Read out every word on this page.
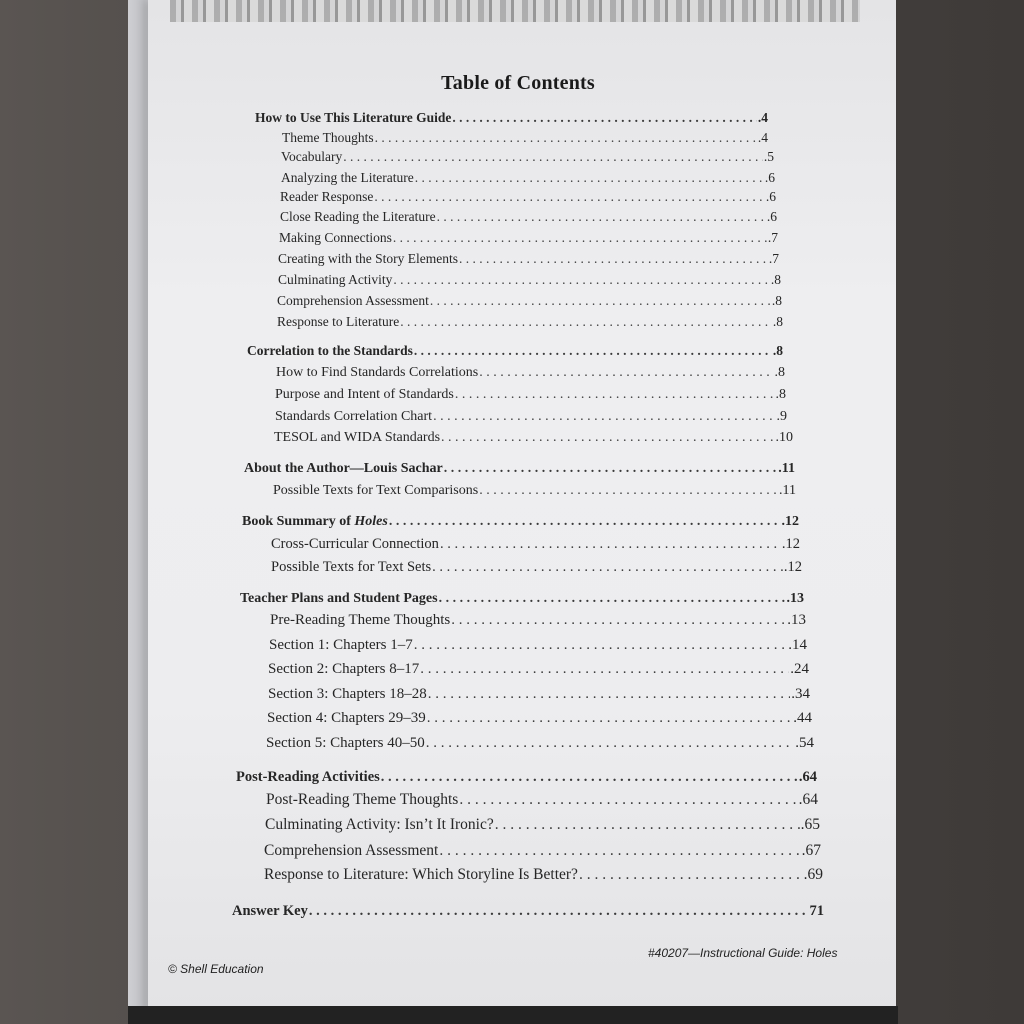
Table of Contents
How to Use This Literature Guide . . .	.4
Theme Thoughts . . .	.4
Vocabulary . . .	.5
Analyzing the Literature . . .	.6
Reader Response . . .	.6
Close Reading the Literature . . .	.6
Making Connections . . .	.7
Creating with the Story Elements . . .	.7
Culminating Activity . . .	.8
Comprehension Assessment . . .	.8
Response to Literature . . .	.8
Correlation to the Standards . . .	.8
How to Find Standards Correlations . . .	.8
Purpose and Intent of Standards . . .	.8
Standards Correlation Chart . . .	.9
TESOL and WIDA Standards . . .	.10
About the Author—Louis Sachar . . .	.11
Possible Texts for Text Comparisons . . .	.11
Book Summary of Holes . . .	.12
Cross-Curricular Connection . . .	.12
Possible Texts for Text Sets . . .	.12
Teacher Plans and Student Pages . . .	.13
Pre-Reading Theme Thoughts . . .	.13
Section 1: Chapters 1–7 . . .	.14
Section 2: Chapters 8–17 . . .	.24
Section 3: Chapters 18–28 . . .	.34
Section 4: Chapters 29–39 . . .	.44
Section 5: Chapters 40–50 . . .	.54
Post-Reading Activities . . .	.64
Post-Reading Theme Thoughts . . .	.64
Culminating Activity: Isn’t It Ironic? . . .	.65
Comprehension Assessment . . .	.67
Response to Literature: Which Storyline Is Better? . . .	.69
Answer Key . . .	71
© Shell Education
#40207—Instructional Guide: Holes
